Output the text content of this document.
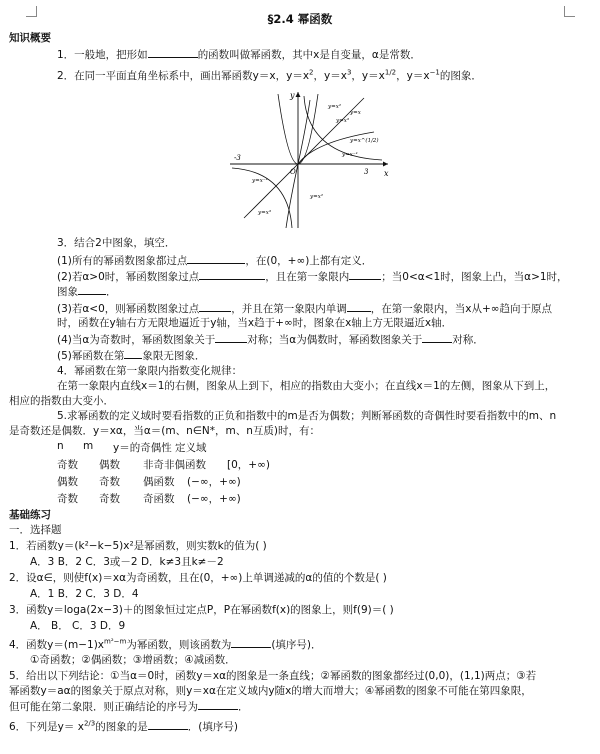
§2.4 幂函数
知识概要
1．一般地，把形如	的函数叫做幂函数，其中x是自变量，α是常数．
2．在同一平面直角坐标系中，画出幂函数y＝x，$y=x^2$，$y=x^3$，$y=x^{1/2}$，$y=x^{-1}$的图象．
x
y
O
-3
3
y=x²
y=x³
y=x
y=x^(1/2)
y=x⁻¹
y=x⁻¹
y=x³
y=x²
3．结合2中图象，填空．
(1)所有的幂函数图象都过点	，在(0，+∞)上都有定义．
(2)若α>0时，幂函数图象过点	，且在第一象限内	；当0<α<1时，图象上凸，当α>1时，
图象	．
(3)若α<0，则幂函数图象过点	，并且在第一象限内单调 ，在第一象限内，当x从+∞趋向于原点
时，函数在y轴右方无限地逼近于y轴，当x趋于+∞时，图象在x轴上方无限逼近x轴．
(4)当α为奇数时，幂函数图象关于	对称；当α为偶数时，幂函数图象关于	对称．
(5)幂函数在第 象限无图象．
4．幂函数在第一象限内指数变化规律：
在第一象限内直线x＝1的右侧，图象从上到下，相应的指数由大变小；在直线x＝1的左侧，图象从下到上，
相应的指数由大变小．
5.求幂函数的定义域时要看指数的正负和指数中的m是否为偶数；判断幂函数的奇偶性时要看指数中的m、n
是奇数还是偶数．y＝xα，当α＝(m、n∈N*，m、n互质)时，有：
n m y＝的奇偶性 定义域
奇数 偶数 非奇非偶函数 [0，+∞)
偶数 奇数 偶函数 (−∞，+∞)
奇数 奇数 奇函数 (−∞，+∞)
基础练习
一．选择题
1．若函数y＝(k²−k−5)x²是幂函数，则实数k的值为( )
A．3 B．2 C．3或－2 D．k≠3且k≠－2
2．设α∈，则使f(x)＝xα为奇函数，且在(0，+∞)上单调递减的α的值的个数是( )
A．1 B．2 C．3 D．4
3．函数y＝loga(2x−3)＋的图象恒过定点P，P在幂函数f(x)的图象上，则f(9)＝( )
A． B． C．3 D．9
4．函数$y=(m-1)x^{m^2-m}$为幂函数，则该函数为	(填序号)．
①奇函数；②偶函数；③增函数；④减函数．
5．给出以下列结论：①当α＝0时，函数y＝xα的图象是一条直线；②幂函数的图象都经过(0,0)，(1,1)两点；③若
幂函数y＝aα的图象关于原点对称，则y＝xα在定义域内y随x的增大而增大；④幂函数的图象不可能在第四象限，
但可能在第二象限．则正确结论的序号为	．
6．下列是$y= x^{2/3}$的图象的是	．(填序号)
